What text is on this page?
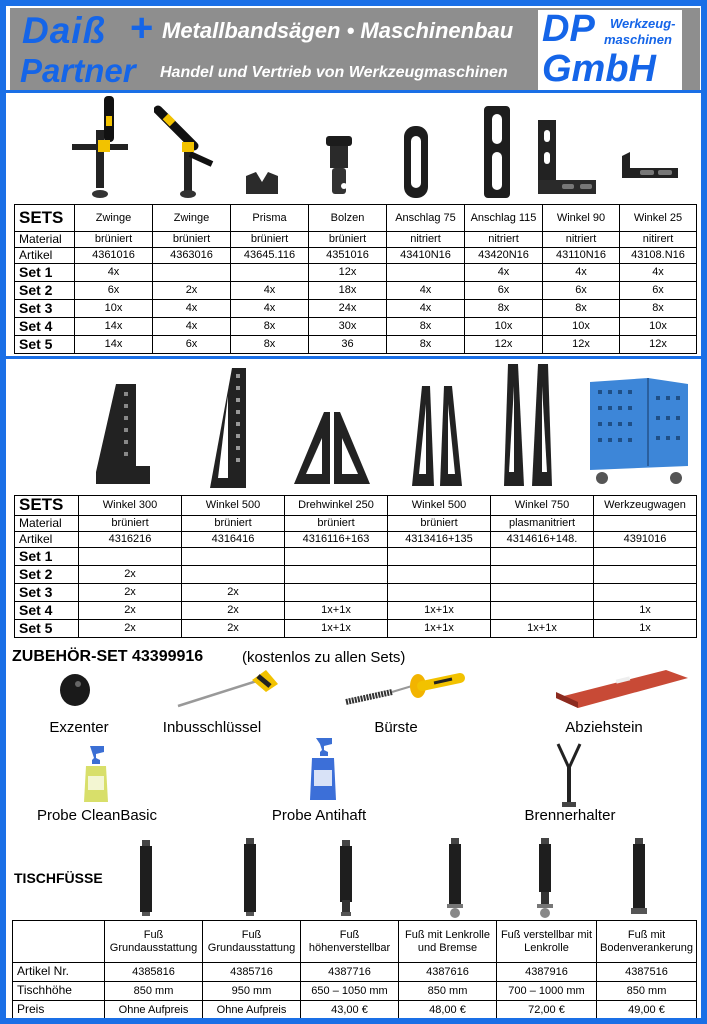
Daiß +
Partner
Metallbandsägen • Maschinenbau
Handel und Vertrieb von Werkzeugmaschinen
DP Werkzeug-
maschinen
GmbH
SETS	Zwinge	Zwinge	Prisma	Bolzen	Anschlag 75	Anschlag 115	Winkel 90	Winkel 25
Material	brüniert	brüniert	brüniert	brüniert	nitriert	nitriert	nitriert	nitirert
Artikel	4361016	4363016	43645.116	4351016	43410N16	43420N16	43110N16	43108.N16
Set 1	4x			12x		4x	4x	4x
Set 2	6x	2x	4x	18x	4x	6x	6x	6x
Set 3	10x	4x	4x	24x	4x	8x	8x	8x
Set 4	14x	4x	8x	30x	8x	10x	10x	10x
Set 5	14x	6x	8x	36	8x	12x	12x	12x
SETS	Winkel 300	Winkel 500	Drehwinkel 250	Winkel 500	Winkel 750	Werkzeugwagen
Material	brüniert	brüniert	brüniert	brüniert	plasmanitriert	
Artikel	4316216	4316416	4316116+163	4313416+135	4314616+148.	4391016
Set 1						
Set 2	2x					
Set 3	2x	2x				
Set 4	2x	2x	1x+1x	1x+1x		1x
Set 5	2x	2x	1x+1x	1x+1x	1x+1x	1x
ZUBEHÖR-SET 43399916	(kostenlos zu allen Sets)
Exzenter	Inbusschlüssel	Bürste	Abziehstein
Probe CleanBasic	Probe Antihaft	Brennerhalter
TISCHFÜSSE
	Fuß Grundausstattung	Fuß Grundausstattung	Fuß höhenverstellbar	Fuß mit Lenkrolle und Bremse	Fuß verstellbar mit Lenkrolle	Fuß mit Bodenverankerung
Artikel Nr.	4385816	4385716	4387716	4387616	4387916	4387516
Tischhöhe	850 mm	950 mm	650 – 1050 mm	850 mm	700 – 1000 mm	850 mm
Preis	Ohne Aufpreis	Ohne Aufpreis	43,00 €	48,00 €	72,00 €	49,00 €
